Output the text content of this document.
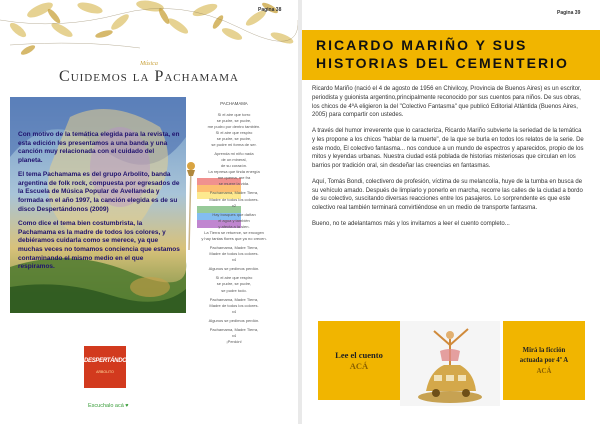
Pagina 38
Música
Cuidemos la Pachamama

Con motivo de la temática elegida para la revista, en esta edición les presentamos a una banda y una canción muy relacionada con el cuidado del planeta.

El tema Pachamama es del grupo Arbolito, banda argentina de folk rock, compuesta por egresados de la Escuela de Música Popular de Avellaneda y formada en el año 1997, la canción elegida es de su disco Despertándonos (2009)

Como dice el tema bien costumbrista, la Pachamama es la madre de todos los colores, y debiéramos cuidarla como se merece, ya que muchas veces no tomamos conciencia que estamos contaminando el mismo medio en el que respiramos.

DESPERTÁNDONOS
ARBOLITO
Escuchalo acá ♥
PACHAMAMA
Si el aire que torro
se pudre, se pudre,
me pudro por dentro también.
Si el aire que respiro
se pudre, se pudre,
se pudre mi forma de ser.
Aprenda mi niño nada
de un mineral,
de su corazón.
La represa que tinda energía
me quema, me fra
se muere la vida.
Pachamama, Madre Tierra,
Madre de todos los colores.
x2
Hay bosques que dañan
el agua y también
y afecta a la sien.
La Tierra se retuerce, se encogen
y hay tantas flores que ya no crecen.
Pachamama, Madre Tierra,
Madre de todos los colores.
x4
Algunos se pedimos perdón.
Si el aire que respiro
se pudre, se pudre,
se pudre todo.
Pachamama, Madre Tierra,
Madre de todos los colores.
x4
Algunos se pedimos perdón.
Pachamama, Madre Tierra,
x4
¡Perdón!
Pagina 39
RICARDO MARIÑO Y SUS
HISTORIAS DEL CEMENTERIO

Ricardo Mariño (nació el 4 de agosto de 1956 en Chivilcoy, Provincia de Buenos Aires) es un escritor, periodista y guionista argentino,principalmente reconocido por sus cuentos para niños. De sus obras, los chicos de 4ºA eligieron la del "Colectivo Fantasma" que publicó Editorial Atlántida (Buenos Aires, 2005) para compartir con ustedes.

A través del humor irreverente que lo caracteriza, Ricardo Mariño subvierte la seriedad de la temática y les propone a los chicos "hablar de la muerte", de la que se burla en todos los relatos de la serie. De este modo, El colectivo fantasma... nos conduce a un mundo de espectros y aparecidos, propio de los mitos y leyendas urbanas. Nuestra ciudad está poblada de historias misteriosas que circulan en los barrios por tradición oral, sin desdeñar las creencias en fantasmas.

Aquí, Tomás Bondi, colectivero de profesión, víctima de su melancolía, huye de la tumba en busca de su vehículo amado. Después de limpiarlo y ponerlo en marcha, recorre las calles de la ciudad a bordo de su colectivo, suscitando diversas reacciones entre los pasajeros. Lo sorprendente es que este colectivo real también terminará convirtiéndose en un medio de transporte fantasma.

Bueno, no te adelantamos más y los invitamos a leer el cuento completo...

Lee el cuento
ACÁ
Mirá la ficción
actuada por 4º A
ACÁ
